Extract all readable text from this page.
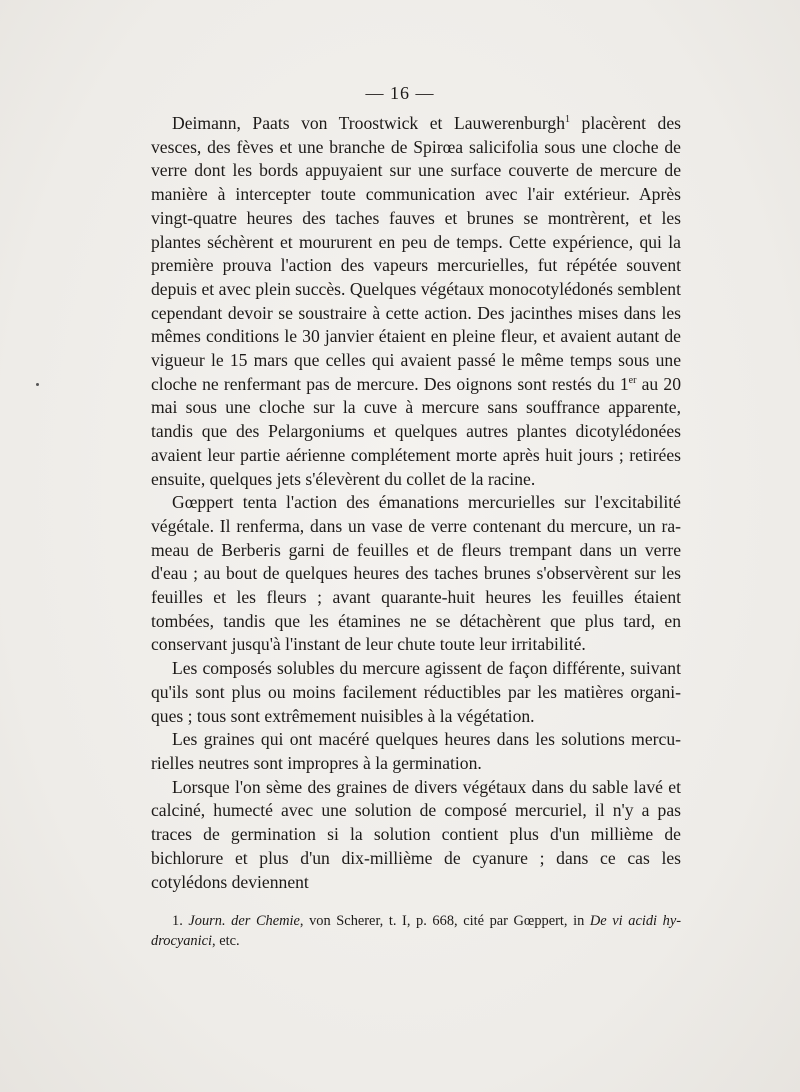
— 16 —

Deimann, Paats von Troostwick et Lauwerenburgh$^1$ placèrent des vesces, des fèves et une branche de Spirœa salicifolia sous une cloche de verre dont les bords appuyaient sur une surface couverte de mercure de manière à intercepter toute communication avec l'air extérieur. Après vingt-quatre heures des taches fauves et brunes se montrèrent, et les plantes séchèrent et moururent en peu de temps. Cette expérience, qui la première prouva l'action des vapeurs mercurielles, fut répétée souvent depuis et avec plein succès. Quelques végétaux monocotylédonés semblent cependant devoir se soustraire à cette action. Des jacinthes mises dans les mêmes conditions le 30 janvier étaient en pleine fleur, et avaient autant de vigueur le 15 mars que celles qui avaient passé le même temps sous une cloche ne renfermant pas de mercure. Des oignons sont restés du 1er au 20 mai sous une cloche sur la cuve à mercure sans souffrance apparente, tandis que des Pelargoniums et quelques autres plantes dicotylédonées avaient leur partie aérienne complétement morte après huit jours ; retirées ensuite, quelques jets s'élevèrent du collet de la racine.

Gœppert tenta l'action des émanations mercurielles sur l'excitabilité végétale. Il renferma, dans un vase de verre contenant du mercure, un rameau de Berberis garni de feuilles et de fleurs trempant dans un verre d'eau ; au bout de quelques heures des taches brunes s'observèrent sur les feuilles et les fleurs ; avant quarante-huit heures les feuilles étaient tombées, tandis que les étamines ne se détachèrent que plus tard, en conservant jusqu'à l'instant de leur chute toute leur irritabilité.

Les composés solubles du mercure agissent de façon différente, suivant qu'ils sont plus ou moins facilement réductibles par les matières organiques ; tous sont extrêmement nuisibles à la végétation.

Les graines qui ont macéré quelques heures dans les solutions mercurielles neutres sont impropres à la germination.

Lorsque l'on sème des graines de divers végétaux dans du sable lavé et calciné, humecté avec une solution de composé mercuriel, il n'y a pas traces de germination si la solution contient plus d'un millième de bichlorure et plus d'un dix-millième de cyanure ; dans ce cas les cotylédons deviennent

1. Journ. der Chemie, von Scherer, t. I, p. 668, cité par Gœppert, in De vi acidi hydrocyanici, etc.
